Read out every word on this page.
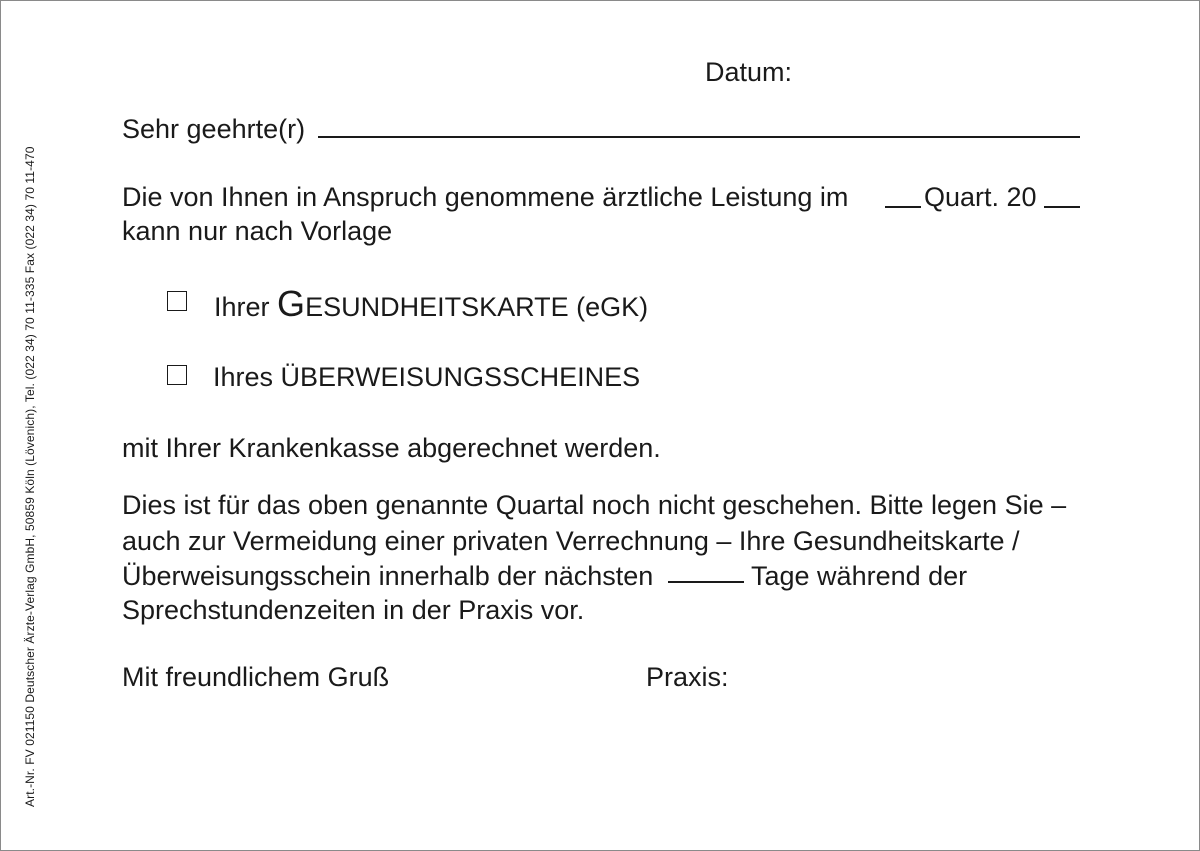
Art.-Nr. FV 021150 Deutscher Ärzte-Verlag GmbH, 50859 Köln (Lövenich), Tel. (022 34) 70 11-335 Fax (022 34) 70 11-470
Datum:
Sehr geehrte(r)
Die von Ihnen in Anspruch genommene ärztliche Leistung im	Quart. 20
kann nur nach Vorlage
Ihrer GESUNDHEITSKARTE (eGK)
Ihres ÜBERWEISUNGSSCHEINES
mit Ihrer Krankenkasse abgerechnet werden.
Dies ist für das oben genannte Quartal noch nicht geschehen. Bitte legen Sie –
auch zur Vermeidung einer privaten Verrechnung – Ihre Gesundheitskarte /
Überweisungsschein innerhalb der nächsten	Tage während der
Sprechstundenzeiten in der Praxis vor.
Mit freundlichem Gruß	Praxis:
